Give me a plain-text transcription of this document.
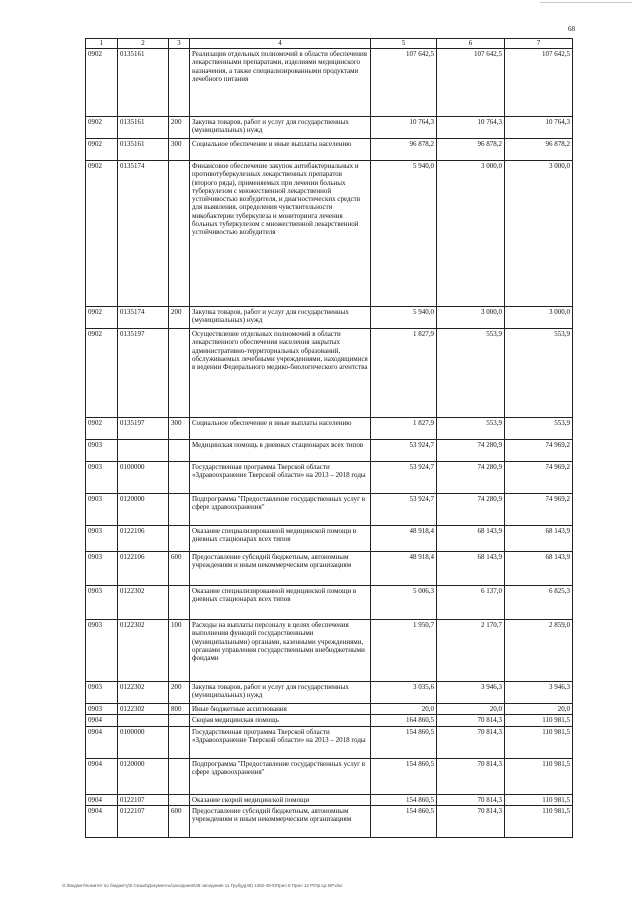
68
1	2	3	4	5	6	7
0902	0135161		Реализация отдельных полномочий в области обеспечения лекарственными препаратами, изделиями медицинского назначения, а также специализированными продуктами лечебного питания	107 642,5	107 642,5	107 642,5
0902	0135161	200	Закупка товаров, работ и услуг для государственных (муниципальных) нужд	10 764,3	10 764,3	10 764,3
0902	0135161	300	Социальное обеспечение и иные выплаты населению	96 878,2	96 878,2	96 878,2
0902	0135174		Финансовое обеспечение закупок антибактериальных и противотуберкулезных лекарственных препаратов (второго ряда), применяемых при лечении больных туберкулезом с множественной лекарственной устойчивостью возбудителя, и диагностических средств для выявления, определения чувствительности микобактерии туберкулеза и мониторинга лечения больных туберкулезом с множественной лекарственной устойчивостью возбудителя	5 940,0	3 000,0	3 000,0
0902	0135174	200	Закупка товаров, работ и услуг для государственных (муниципальных) нужд	5 940,0	3 000,0	3 000,0
0902	0135197		Осуществление отдельных полномочий в области лекарственного обеспечения населения закрытых административно-территориальных образований, обслуживаемых лечебными учреждениями, находящимися в ведении Федерального медико-биологического агентства	1 827,9	553,9	553,9
0902	0135197	300	Социальное обеспечение и иные выплаты населению	1 827,9	553,9	553,9
0903			Медицинская помощь в дневных стационарах всех типов	53 924,7	74 280,9	74 969,2
0903	0100000		Государственная программа Тверской области «Здравоохранение Тверской области» на 2013 – 2018 годы	53 924,7	74 280,9	74 969,2
0903	0120000		Подпрограмма "Предоставление государственных услуг в сфере здравоохранения"	53 924,7	74 280,9	74 969,2
0903	0122106		Оказание специализированной медицинской помощи в дневных стационарах всех типов	48 918,4	68 143,9	68 143,9
0903	0122106	600	Предоставление субсидий бюджетным, автономным учреждениям и иным некоммерческим организациям	48 918,4	68 143,9	68 143,9
0903	0122302		Оказание специализированной медицинской помощи в дневных стационарах всех типов	5 006,3	6 137,0	6 825,3
0903	0122302	100	Расходы на выплаты персоналу в целях обеспечения выполнения функций государственными (муниципальными) органами, казенными учреждениями, органами управления государственными внебюджетными фондами	1 950,7	2 170,7	2 859,0
0903	0122302	200	Закупка товаров, работ и услуг для государственных (муниципальных) нужд	3 035,6	3 946,3	3 946,3
0903	0122302	800	Иные бюджетные ассигнования	20,0	20,0	20,0
0904			Скорая медицинская помощь	164 860,5	70 814,3	110 981,5
0904	0100000		Государственная программа Тверской области «Здравоохранение Тверской области» на 2013 – 2018 годы	154 860,5	70 814,3	110 981,5
0904	0120000		Подпрограмма "Предоставление государственных услуг в сфере здравоохранения"	154 860,5	70 814,3	110 981,5
0904	0122107		Оказание скорой медицинской помощи	154 860,5	70 814,3	110 981,5
0904	0122107	600	Предоставление субсидий бюджетным, автономным учреждениям и иным некоммерческим организациям	154 860,5	70 814,3	110 981,5
G:\Бюджет\Комитет по бюджету\5 Сезыв\Документы\заседания\49 заседание 11 Грубуд(49) 1292-49-5\Прил 5 Прил 12 Р\Пр Цс ВР.xlsx
